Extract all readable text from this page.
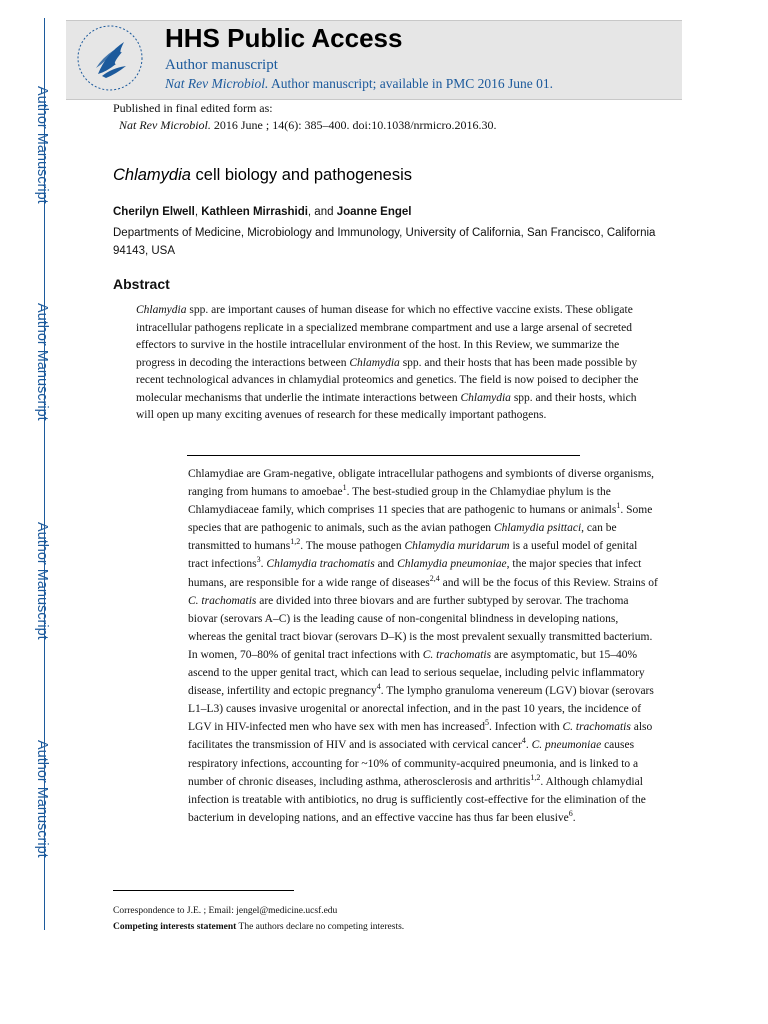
Author Manuscript
Author Manuscript
Author Manuscript
Author Manuscript
HHS Public Access
Author manuscript
Nat Rev Microbiol. Author manuscript; available in PMC 2016 June 01.
Published in final edited form as:
Nat Rev Microbiol. 2016 June ; 14(6): 385–400. doi:10.1038/nrmicro.2016.30.
Chlamydia cell biology and pathogenesis
Cherilyn Elwell, Kathleen Mirrashidi, and Joanne Engel
Departments of Medicine, Microbiology and Immunology, University of California, San Francisco, California 94143, USA
Abstract

Chlamydia spp. are important causes of human disease for which no effective vaccine exists. These obligate intracellular pathogens replicate in a specialized membrane compartment and use a large arsenal of secreted effectors to survive in the hostile intracellular environment of the host. In this Review, we summarize the progress in decoding the interactions between Chlamydia spp. and their hosts that has been made possible by recent technological advances in chlamydial proteomics and genetics. The field is now poised to decipher the molecular mechanisms that underlie the intimate interactions between Chlamydia spp. and their hosts, which will open up many exciting avenues of research for these medically important pathogens.

Chlamydiae are Gram-negative, obligate intracellular pathogens and symbionts of diverse organisms, ranging from humans to amoebae$^1$. The best-studied group in the Chlamydiae phylum is the Chlamydiaceae family, which comprises 11 species that are pathogenic to humans or animals$^1$. Some species that are pathogenic to animals, such as the avian pathogen Chlamydia psittaci, can be transmitted to humans$^{1,2}$. The mouse pathogen Chlamydia muridarum is a useful model of genital tract infections$^3$. Chlamydia trachomatis and Chlamydia pneumoniae, the major species that infect humans, are responsible for a wide range of diseases$^{2,4}$ and will be the focus of this Review. Strains of C. trachomatis are divided into three biovars and are further subtyped by serovar. The trachoma biovar (serovars A–C) is the leading cause of non-congenital blindness in developing nations, whereas the genital tract biovar (serovars D–K) is the most prevalent sexually transmitted bacterium. In women, 70–80% of genital tract infections with C. trachomatis are asymptomatic, but 15–40% ascend to the upper genital tract, which can lead to serious sequelae, including pelvic inflammatory disease, infertility and ectopic pregnancy$^4$. The lympho granuloma venereum (LGV) biovar (serovars L1–L3) causes invasive urogenital or anorectal infection, and in the past 10 years, the incidence of LGV in HIV-infected men who have sex with men has increased$^5$. Infection with C. trachomatis also facilitates the transmission of HIV and is associated with cervical cancer$^4$. C. pneumoniae causes respiratory infections, accounting for ~10% of community-acquired pneumonia, and is linked to a number of chronic diseases, including asthma, atherosclerosis and arthritis$^{1,2}$. Although chlamydial infection is treatable with antibiotics, no drug is sufficiently cost-effective for the elimination of the bacterium in developing nations, and an effective vaccine has thus far been elusive$^6$.

Correspondence to J.E. ; Email: jengel@medicine.ucsf.edu
Competing interests statement The authors declare no competing interests.
